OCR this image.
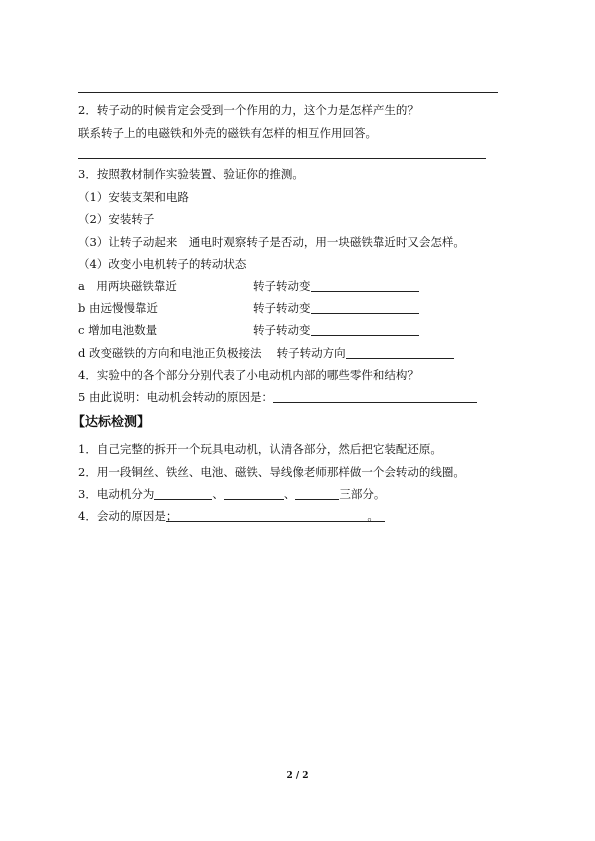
2．转子动的时候肯定会受到一个作用的力，这个力是怎样产生的？
联系转子上的电磁铁和外壳的磁铁有怎样的相互作用回答。
3．按照教材制作实验装置、验证你的推测。
（1）安装支架和电路
（2）安装转子
（3）让转子动起来　通电时观察转子是否动，用一块磁铁靠近时又会怎样。
（4）改变小电机转子的转动状态
a　用两块磁铁靠近	转子转动变
b 由远慢慢靠近	转子转动变
c 增加电池数量	转子转动变
d 改变磁铁的方向和电池正负极接法　 转子转动方向
4．实验中的各个部分分别代表了小电动机内部的哪些零件和结构？
5 由此说明：电动机会转动的原因是：
【达标检测】
1．自己完整的拆开一个玩具电动机，认清各部分，然后把它装配还原。
2．用一段铜丝、铁丝、电池、磁铁、导线像老师那样做一个会转动的线圈。
3．电动机分为	、	、	三部分。
4．会动的原因是 ；	。
2 / 2
